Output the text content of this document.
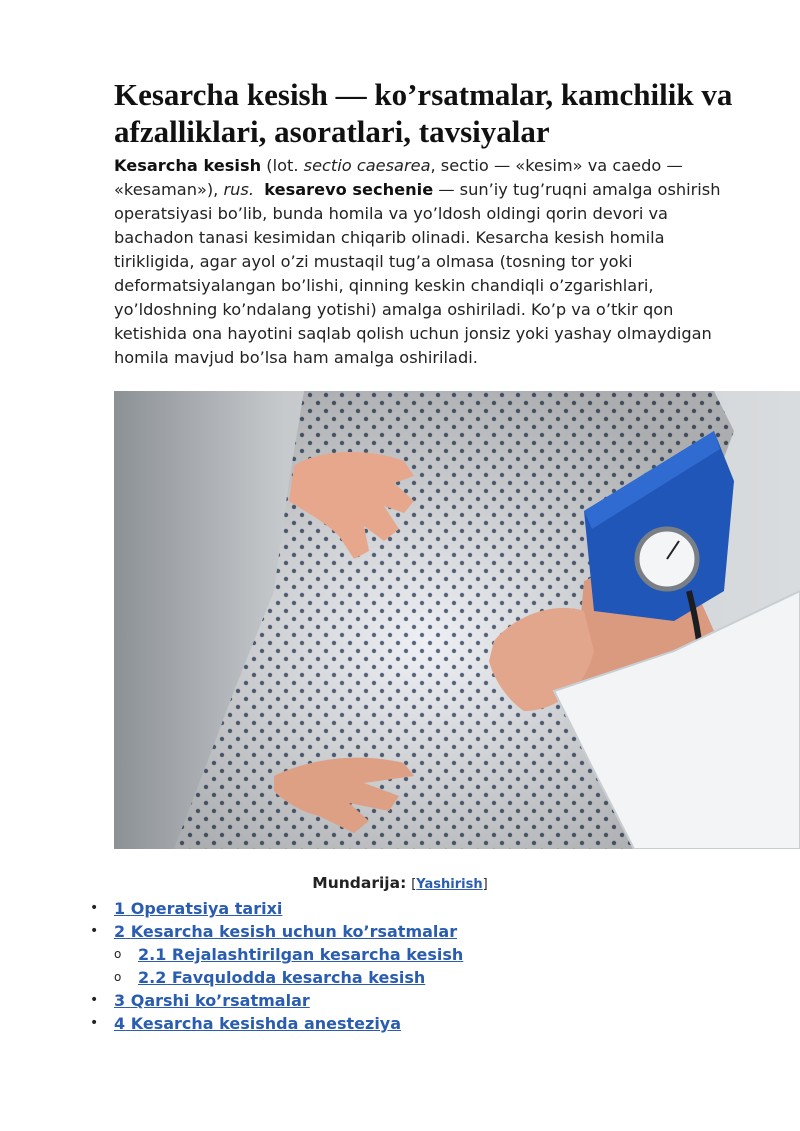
Kesarcha kesish — ko’rsatmalar, kamchilik va afzalliklari, asoratlari, tavsiyalar

Kesarcha kesish (lot. sectio caesarea, sectio — «kesim» va caedo — «kesaman»), rus. kesarevo sechenie — sun’iy tug’ruqni amalga oshirish operatsiyasi bo’lib, bunda homila va yo’ldosh oldingi qorin devori va bachadon tanasi kesimidan chiqarib olinadi. Kesarcha kesish homila tirikligida, agar ayol o’zi mustaqil tug’a olmasa (tosning tor yoki deformatsiyalangan bo’lishi, qinning keskin chandiqli o’zgarishlari, yo’ldoshning ko’ndalang yotishi) amalga oshiriladi. Ko’p va o’tkir qon ketishida ona hayotini saqlab qolish uchun jonsiz yoki yashay olmaydigan homila mavjud bo’lsa ham amalga oshiriladi.

Mundarija: [Yashirish]
• 1 Operatsiya tarixi
• 2 Kesarcha kesish uchun ko’rsatmalar
o	2.1 Rejalashtirilgan kesarcha kesish
o	2.2 Favqulodda kesarcha kesish
• 3 Qarshi ko’rsatmalar
• 4 Kesarcha kesishda anesteziya
